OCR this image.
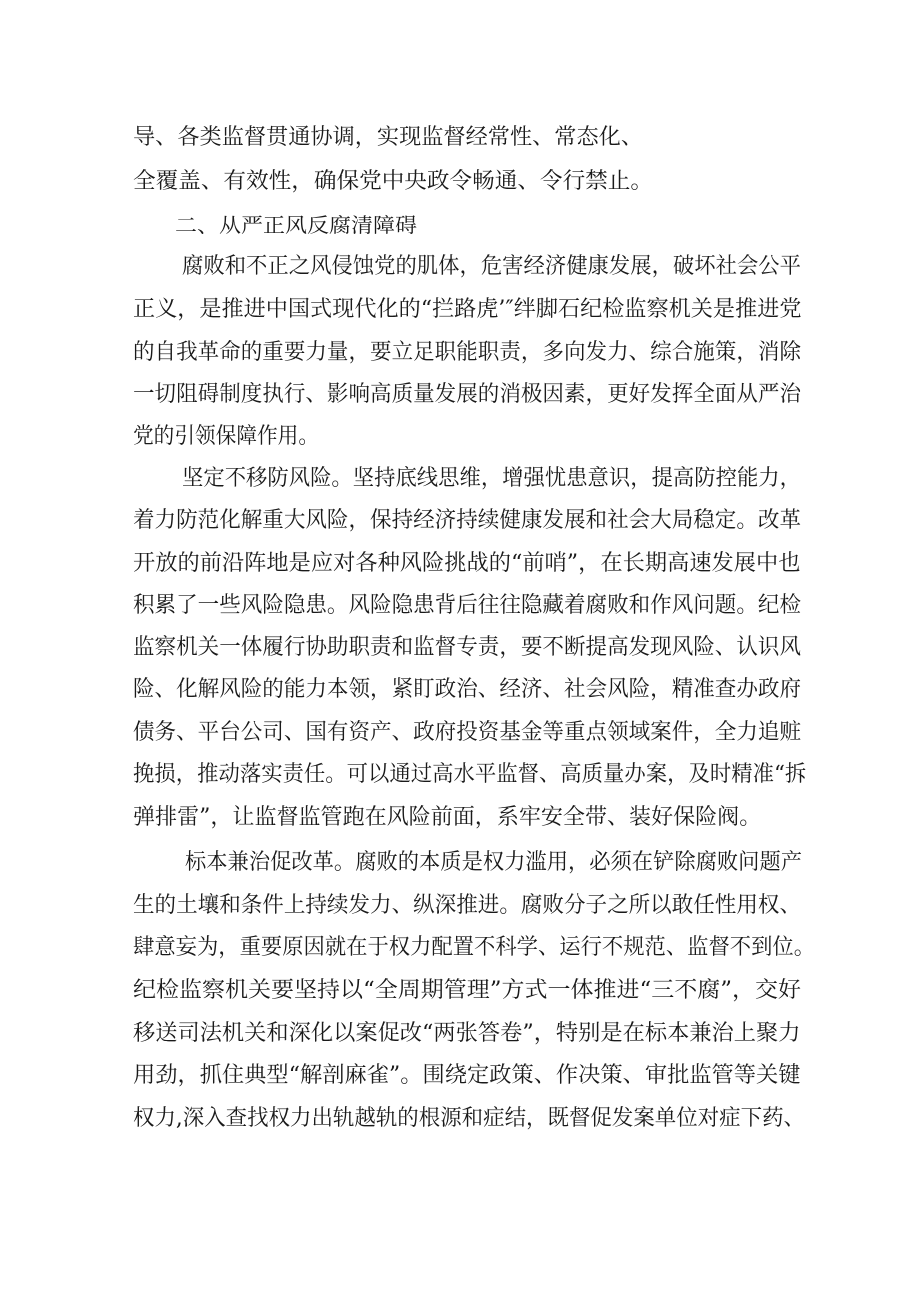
导、各类监督贯通协调，实现监督经常性、常态化、
全覆盖、有效性，确保党中央政令畅通、令行禁止。
二、从严正风反腐清障碍
腐败和不正之风侵蚀党的肌体，危害经济健康发展，破坏社会公平
正义，是推进中国式现代化的“拦路虎’″绊脚石纪检监察机关是推进党
的自我革命的重要力量，要立足职能职责，多向发力、综合施策，消除
一切阻碍制度执行、影响高质量发展的消极因素，更好发挥全面从严治
党的引领保障作用。
坚定不移防风险。坚持底线思维，增强忧患意识，提高防控能力，
着力防范化解重大风险，保持经济持续健康发展和社会大局稳定。改革
开放的前沿阵地是应对各种风险挑战的“前哨”，在长期高速发展中也
积累了一些风险隐患。风险隐患背后往往隐藏着腐败和作风问题。纪检
监察机关一体履行协助职责和监督专责，要不断提高发现风险、认识风
险、化解风险的能力本领，紧盯政治、经济、社会风险，精准查办政府
债务、平台公司、国有资产、政府投资基金等重点领域案件，全力追赃
挽损，推动落实责任。可以通过高水平监督、高质量办案，及时精准“拆
弹排雷”，让监督监管跑在风险前面，系牢安全带、装好保险阀。
标本兼治促改革。腐败的本质是权力滥用，必须在铲除腐败问题产
生的土壤和条件上持续发力、纵深推进。腐败分子之所以敢任性用权、
肆意妄为，重要原因就在于权力配置不科学、运行不规范、监督不到位。
纪检监察机关要坚持以“全周期管理”方式一体推进“三不腐”，交好
移送司法机关和深化以案促改“两张答卷”，特别是在标本兼治上聚力
用劲，抓住典型“解剖麻雀”。围绕定政策、作决策、审批监管等关键
权力,深入查找权力出轨越轨的根源和症结，既督促发案单位对症下药、
